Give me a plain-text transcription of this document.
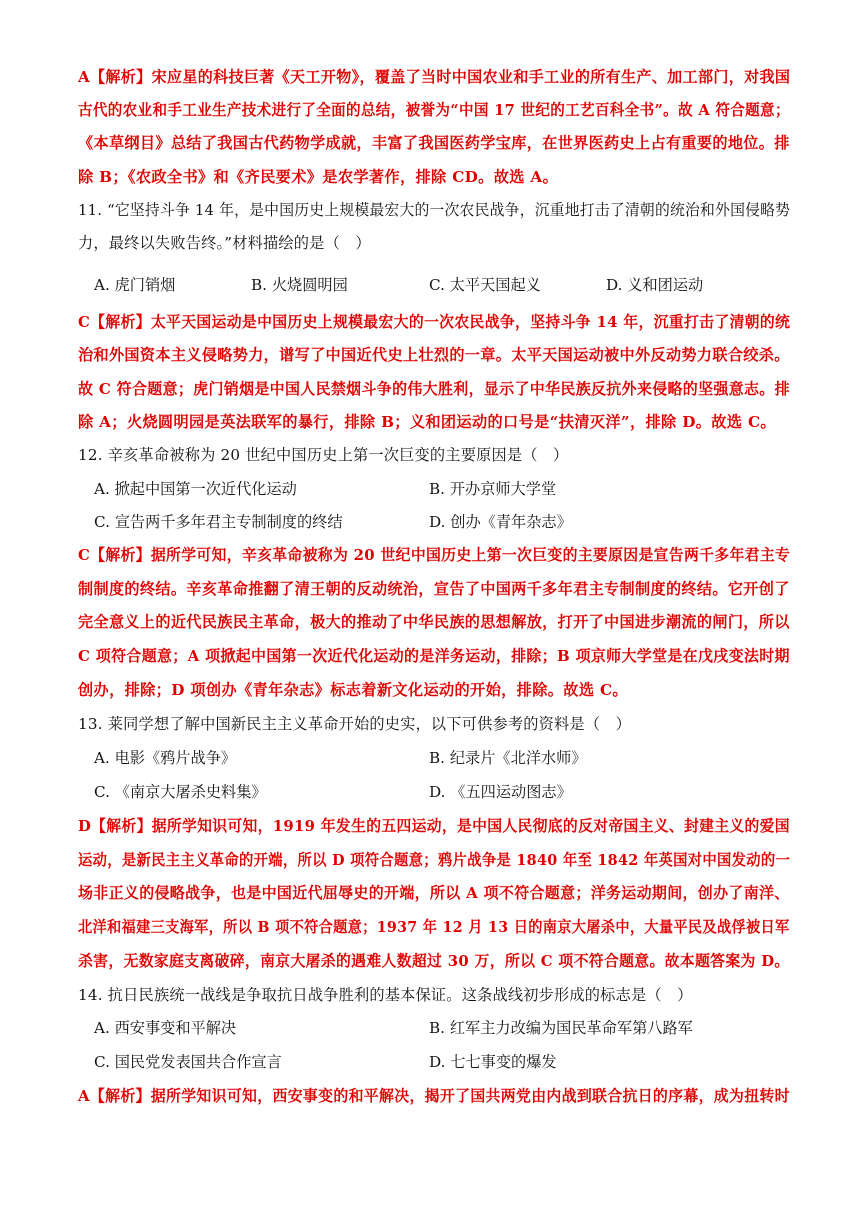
A【解析】宋应星的科技巨著《天工开物》，覆盖了当时中国农业和手工业的所有生产、加工部门，对我国
古代的农业和手工业生产技术进行了全面的总结，被誉为“中国 17 世纪的工艺百科全书”。故 A 符合题意；
《本草纲目》总结了我国古代药物学成就，丰富了我国医药学宝库，在世界医药史上占有重要的地位。排
除 B；《农政全书》和《齐民要术》是农学著作，排除 CD。故选 A。
11. “它坚持斗争 14 年，是中国历史上规模最宏大的一次农民战争，沉重地打击了清朝的统治和外国侵略势
力，最终以失败告终。”材料描绘的是（　）
A. 虎门销烟	B. 火烧圆明园	C. 太平天国起义	D. 义和团运动
C【解析】太平天国运动是中国历史上规模最宏大的一次农民战争，坚持斗争 14 年，沉重打击了清朝的统
治和外国资本主义侵略势力，谱写了中国近代史上壮烈的一章。太平天国运动被中外反动势力联合绞杀。
故 C 符合题意；虎门销烟是中国人民禁烟斗争的伟大胜利，显示了中华民族反抗外来侵略的坚强意志。排
除 A；火烧圆明园是英法联军的暴行，排除 B；义和团运动的口号是“扶清灭洋”，排除 D。故选 C。
12. 辛亥革命被称为 20 世纪中国历史上第一次巨变的主要原因是（　）
A. 掀起中国第一次近代化运动	B. 开办京师大学堂
C. 宣告两千多年君主专制制度的终结	D. 创办《青年杂志》
C【解析】据所学可知，辛亥革命被称为 20 世纪中国历史上第一次巨变的主要原因是宣告两千多年君主专
制制度的终结。辛亥革命推翻了清王朝的反动统治，宣告了中国两千多年君主专制制度的终结。它开创了
完全意义上的近代民族民主革命，极大的推动了中华民族的思想解放，打开了中国进步潮流的闸门，所以
C 项符合题意；A 项掀起中国第一次近代化运动的是洋务运动，排除；B 项京师大学堂是在戊戌变法时期
创办，排除；D 项创办《青年杂志》标志着新文化运动的开始，排除。故选 C。
13. 莱同学想了解中国新民主主义革命开始的史实，以下可供参考的资料是（　）
A. 电影《鸦片战争》	B. 纪录片《北洋水师》
C. 《南京大屠杀史料集》	D. 《五四运动图志》
D【解析】据所学知识可知，1919 年发生的五四运动，是中国人民彻底的反对帝国主义、封建主义的爱国
运动，是新民主主义革命的开端，所以 D 项符合题意；鸦片战争是 1840 年至 1842 年英国对中国发动的一
场非正义的侵略战争，也是中国近代屈辱史的开端，所以 A 项不符合题意；洋务运动期间，创办了南洋、
北洋和福建三支海军，所以 B 项不符合题意；1937 年 12 月 13 日的南京大屠杀中，大量平民及战俘被日军
杀害，无数家庭支离破碎，南京大屠杀的遇难人数超过 30 万，所以 C 项不符合题意。故本题答案为 D。
14. 抗日民族统一战线是争取抗日战争胜利的基本保证。这条战线初步形成的标志是（　）
A. 西安事变和平解决	B. 红军主力改编为国民革命军第八路军
C. 国民党发表国共合作宣言	D. 七七事变的爆发
A【解析】据所学知识可知，西安事变的和平解决，揭开了国共两党由内战到联合抗日的序幕，成为扭转时
